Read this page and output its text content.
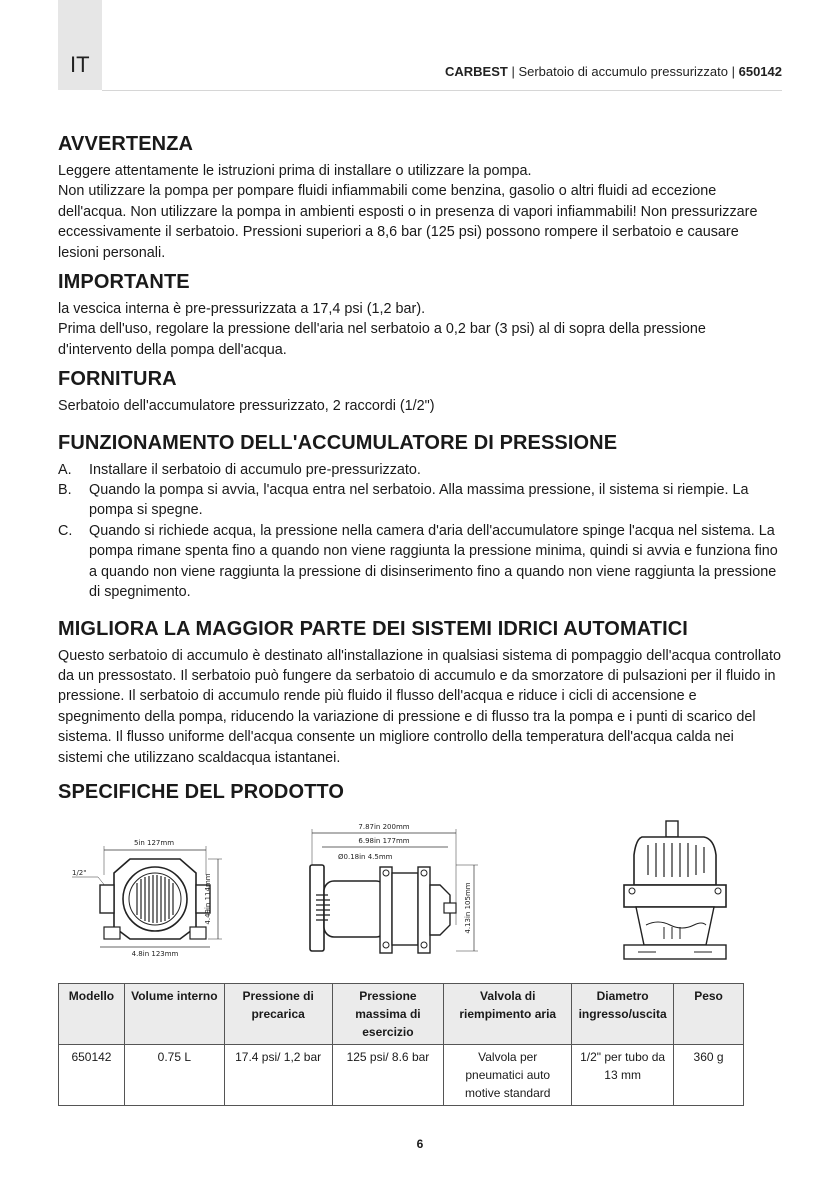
IT	CARBEST | Serbatoio di accumulo pressurizzato | 650142
AVVERTENZA

Leggere attentamente le istruzioni prima di installare o utilizzare la pompa.

Non utilizzare la pompa per pompare fluidi infiammabili come benzina, gasolio o altri fluidi ad eccezione dell'acqua. Non utilizzare la pompa in ambienti esposti o in presenza di vapori infiammabili! Non pressurizzare eccessivamente il serbatoio. Pressioni superiori a 8,6 bar (125 psi) possono rompere il serbatoio e causare lesioni personali.

IMPORTANTE

la vescica interna è pre-pressurizzata a 17,4 psi (1,2 bar).

Prima dell'uso, regolare la pressione dell'aria nel serbatoio a 0,2 bar (3 psi) al di sopra della pressione d'intervento della pompa dell'acqua.

FORNITURA

Serbatoio dell'accumulatore pressurizzato, 2 raccordi (1/2")

FUNZIONAMENTO DELL'ACCUMULATORE DI PRESSIONE
A. Installare il serbatoio di accumulo pre-pressurizzato.
B. Quando la pompa si avvia, l'acqua entra nel serbatoio. Alla massima pressione, il sistema si riempie. La pompa si spegne.
C. Quando si richiede acqua, la pressione nella camera d'aria dell'accumulatore spinge l'acqua nel sistema. La pompa rimane spenta fino a quando non viene raggiunta la pressione minima, quindi si avvia e funziona fino a quando non viene raggiunta la pressione di disinserimento fino a quando non viene raggiunta la pressione di spegnimento.
MIGLIORA LA MAGGIOR PARTE DEI SISTEMI IDRICI AUTOMATICI

Questo serbatoio di accumulo è destinato all'installazione in qualsiasi sistema di pompaggio dell'acqua controllato da un pressostato. Il serbatoio può fungere da serbatoio di accumulo e da smorzatore di pulsazioni per il fluido in pressione. Il serbatoio di accumulo rende più fluido il flusso dell'acqua e riduce i cicli di accensione e spegnimento della pompa, riducendo la variazione di pressione e di flusso tra la pompa e i punti di scarico del sistema. Il flusso uniforme dell'acqua consente un migliore controllo della temperatura dell'acqua calda nei sistemi che utilizzano scaldacqua istantanei.

SPECIFICHE DEL PRODOTTO
5in 127mm
1/2"
4.49in 114mm
4.8in 123mm
7.87in 200mm
6.98in 177mm
Ø0.18in 4.5mm
4.13in 105mm
Modello	Volume interno	Pressione di precarica	Pressione massima di esercizio	Valvola di riempimento aria	Diametro ingresso/uscita	Peso
650142	0.75 L	17.4 psi/ 1,2 bar	125 psi/ 8.6 bar	Valvola per pneumatici auto motive standard	1/2" per tubo da 13 mm	360 g
6
